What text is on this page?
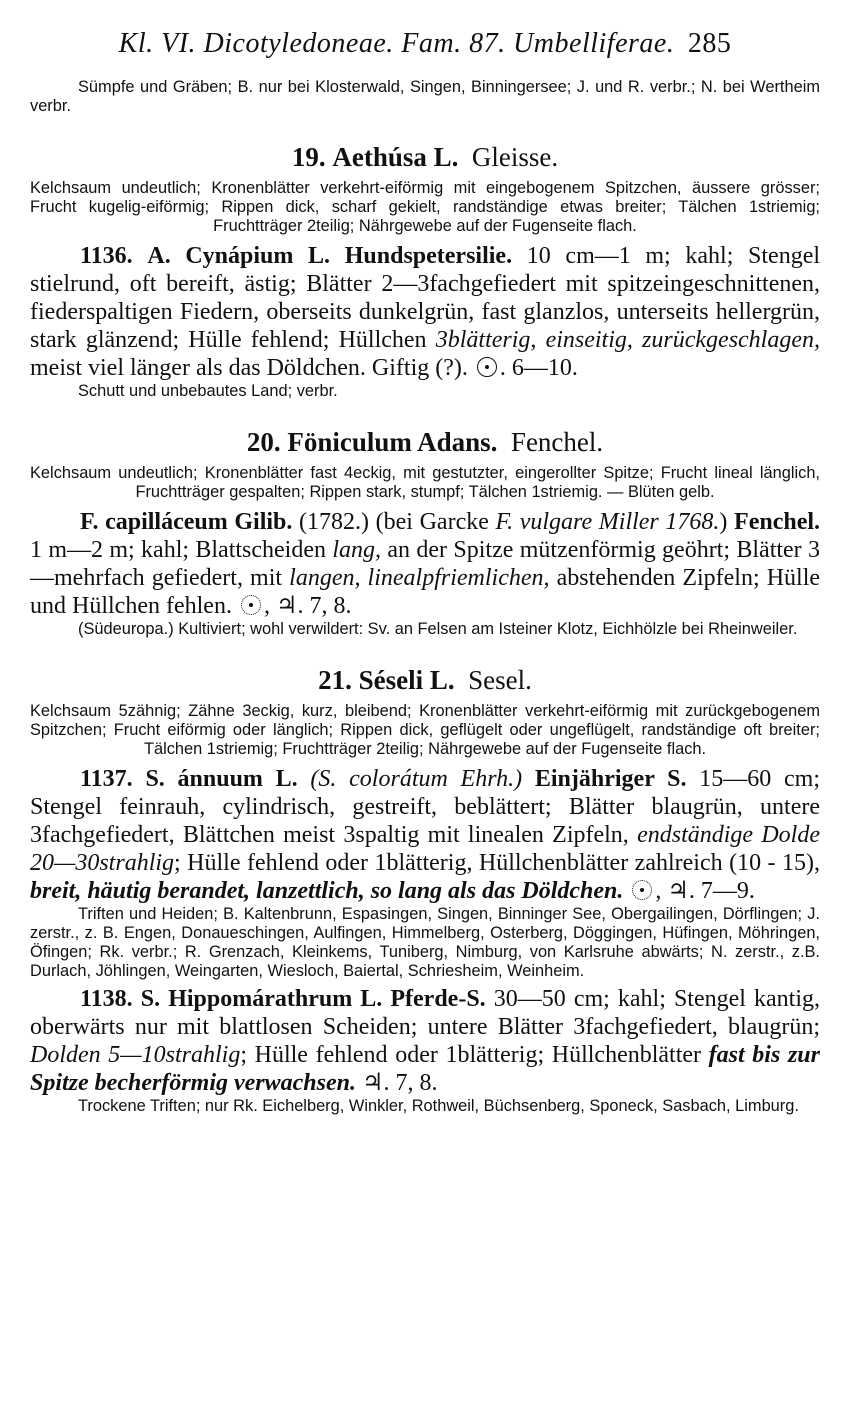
Kl. VI. Dicotyledoneae. Fam. 87. Umbelliferae. 285

Sümpfe und Gräben; B. nur bei Klosterwald, Singen, Binningersee; J. und R. verbr.; N. bei Wertheim verbr.

19. Aethúsa L. Gleisse.

Kelchsaum undeutlich; Kronenblätter verkehrt-eiförmig mit eingebogenem Spitzchen, äussere grösser; Frucht kugelig-eiförmig; Rippen dick, scharf gekielt, randständige etwas breiter; Tälchen 1striemig; Fruchtträger 2teilig; Nährgewebe auf der Fugenseite flach.

1136. A. Cynápium L. Hundspetersilie. 10 cm—1 m; kahl; Stengel stielrund, oft bereift, ästig; Blätter 2—3fachgefiedert mit spitzeingeschnittenen, fiederspaltigen Fiedern, oberseits dunkelgrün, fast glanzlos, unterseits hellergrün, stark glänzend; Hülle fehlend; Hüllchen 3blätterig, einseitig, zurückgeschlagen, meist viel länger als das Döldchen. Giftig (?). . 6—10.

Schutt und unbebautes Land; verbr.

20. Föniculum Adans. Fenchel.

Kelchsaum undeutlich; Kronenblätter fast 4eckig, mit gestutzter, eingerollter Spitze; Frucht lineal länglich, Fruchtträger gespalten; Rippen stark, stumpf; Tälchen 1striemig. — Blüten gelb.

F. capilláceum Gilib. (1782.) (bei Garcke F. vulgare Miller 1768.) Fenchel. 1 m—2 m; kahl; Blattscheiden lang, an der Spitze mützenförmig geöhrt; Blätter 3—mehrfach gefiedert, mit langen, linealpfriemlichen, abstehenden Zipfeln; Hülle und Hüllchen fehlen. , ♃. 7, 8.

(Südeuropa.) Kultiviert; wohl verwildert: Sv. an Felsen am Isteiner Klotz, Eichhölzle bei Rheinweiler.

21. Séseli L. Sesel.

Kelchsaum 5zähnig; Zähne 3eckig, kurz, bleibend; Kronenblätter verkehrt-eiförmig mit zurückgebogenem Spitzchen; Frucht eiförmig oder länglich; Rippen dick, geflügelt oder ungeflügelt, randständige oft breiter; Tälchen 1striemig; Fruchtträger 2teilig; Nährgewebe auf der Fugenseite flach.

1137. S. ánnuum L. (S. colorátum Ehrh.) Einjähriger S. 15—60 cm; Stengel feinrauh, cylindrisch, gestreift, beblättert; Blätter blaugrün, untere 3fachgefiedert, Blättchen meist 3spaltig mit linealen Zipfeln, endständige Dolde 20—30strahlig; Hülle fehlend oder 1blätterig, Hüllchenblätter zahlreich (10 - 15), breit, häutig berandet, lanzettlich, so lang als das Döldchen. , ♃. 7—9.

Triften und Heiden; B. Kaltenbrunn, Espasingen, Singen, Binninger See, Obergailingen, Dörflingen; J. zerstr., z. B. Engen, Donaueschingen, Aulfingen, Himmelberg, Osterberg, Döggingen, Hüfingen, Möhringen, Öfingen; Rk. verbr.; R. Grenzach, Kleinkems, Tuniberg, Nimburg, von Karlsruhe abwärts; N. zerstr., z.B. Durlach, Jöhlingen, Weingarten, Wiesloch, Baiertal, Schriesheim, Weinheim.

1138. S. Hippomárathrum L. Pferde-S. 30—50 cm; kahl; Stengel kantig, oberwärts nur mit blattlosen Scheiden; untere Blätter 3fachgefiedert, blaugrün; Dolden 5—10strahlig; Hülle fehlend oder 1blätterig; Hüllchenblätter fast bis zur Spitze becherförmig verwachsen. ♃. 7, 8.

Trockene Triften; nur Rk. Eichelberg, Winkler, Rothweil, Büchsenberg, Sponeck, Sasbach, Limburg.
